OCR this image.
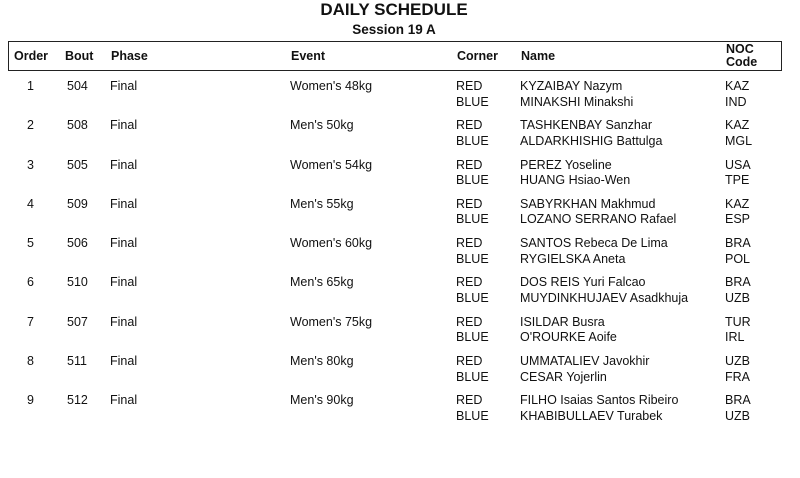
DAILY SCHEDULE
Session 19 A
Order Bout Phase	Event	Corner Name	NOC
Code
1	504 Final	Women's 48kg	RED	KYZAIBAY Nazym	KAZ
BLUE	MINAKSHI Minakshi	IND
2	508 Final	Men's 50kg	RED	TASHKENBAY Sanzhar	KAZ
BLUE	ALDARKHISHIG Battulga	MGL
3	505 Final	Women's 54kg	RED	PEREZ Yoseline	USA
BLUE	HUANG Hsiao-Wen	TPE
4	509 Final	Men's 55kg	RED	SABYRKHAN Makhmud	KAZ
BLUE	LOZANO SERRANO Rafael	ESP
5	506 Final	Women's 60kg	RED	SANTOS Rebeca De Lima	BRA
BLUE	RYGIELSKA Aneta	POL
6	510 Final	Men's 65kg	RED	DOS REIS Yuri Falcao	BRA
BLUE	MUYDINKHUJAEV Asadkhuja	UZB
7	507 Final	Women's 75kg	RED	ISILDAR Busra	TUR
BLUE	O'ROURKE Aoife	IRL
8	511 Final	Men's 80kg	RED	UMMATALIEV Javokhir	UZB
BLUE	CESAR Yojerlin	FRA
9	512 Final	Men's 90kg	RED	FILHO Isaias Santos Ribeiro	BRA
BLUE	KHABIBULLAEV Turabek	UZB
